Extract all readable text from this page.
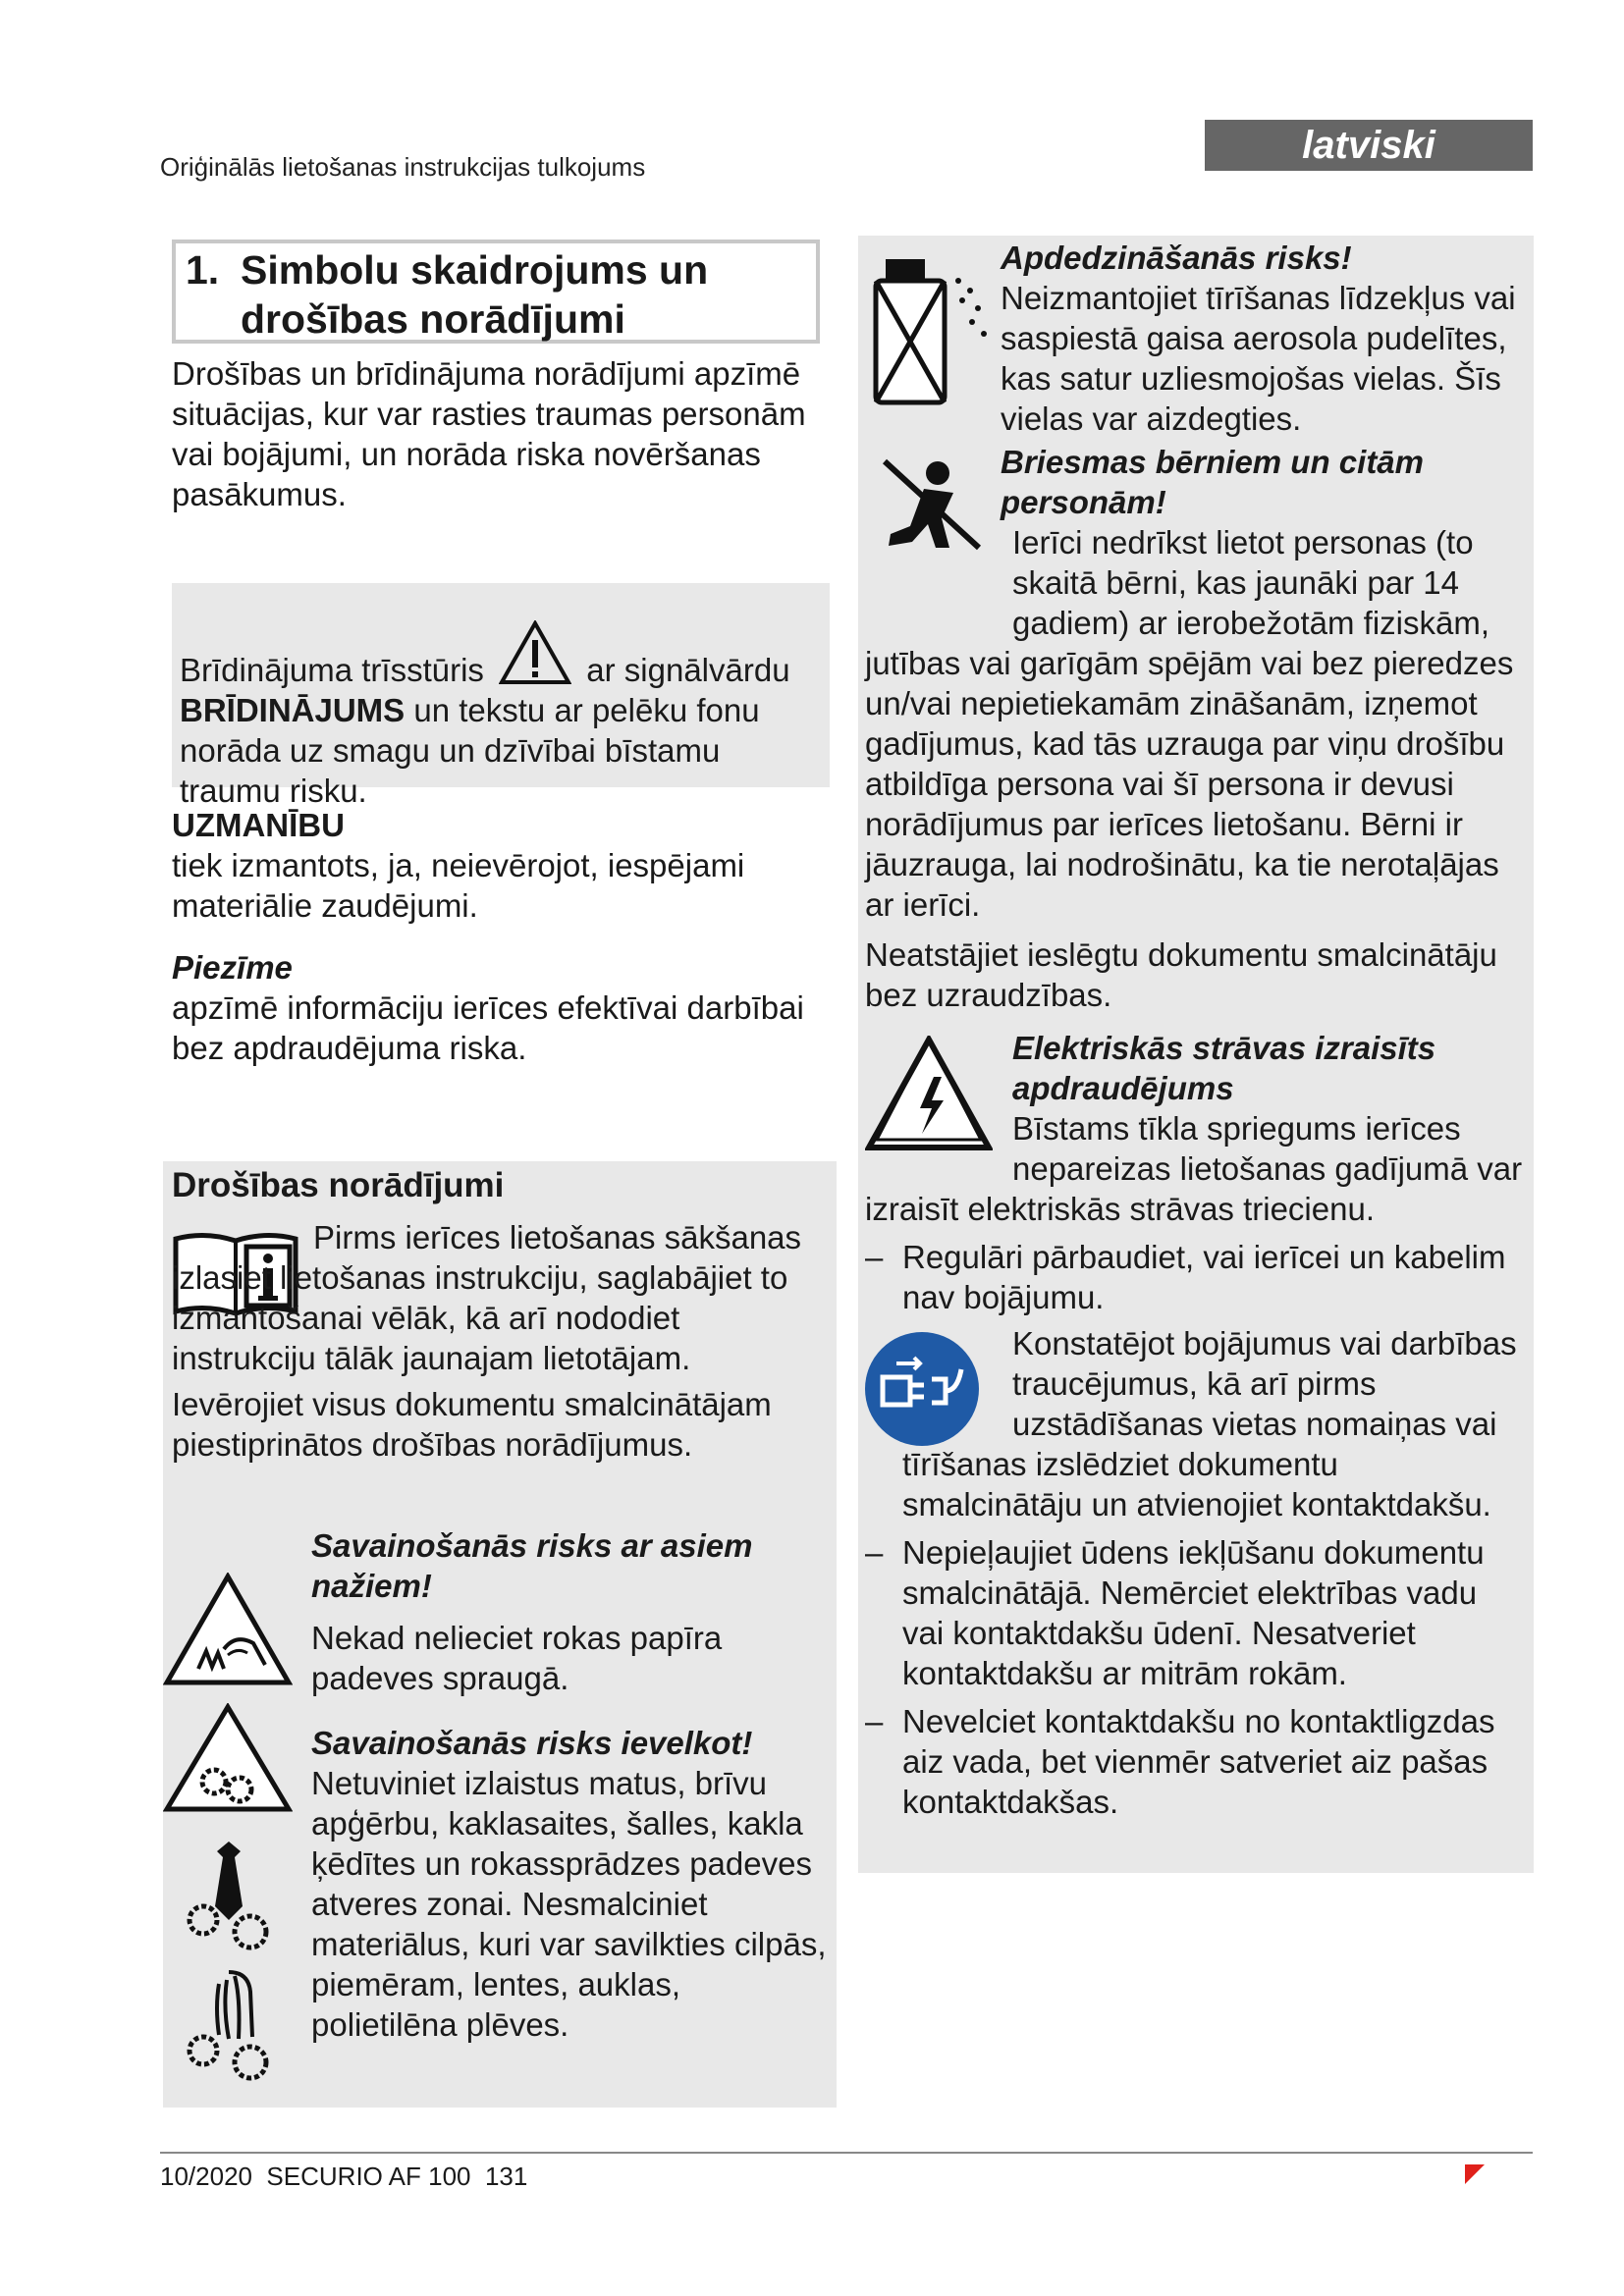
Oriģinālās lietošanas instrukcijas tulkojums	latviski
1. Simbolu skaidrojums un
drošības norādījumi

Drošības un brīdinājuma norādījumi apzīmē situācijas, kur var rasties traumas personām vai bojājumi, un norāda riska novēršanas pasākumus.

Brīdinājuma trīsstūris	ar signālvārdu BRĪDINĀJUMS un tekstu ar pelēku fonu norāda uz smagu un dzīvībai bīstamu traumu risku.

UZMANĪBU

tiek izmantots, ja, neievērojot, iespējami materiālie zaudējumi.

Piezīme

apzīmē informāciju ierīces efektīvai darbībai bez apdraudējuma riska.

Drošības norādījumi

Pirms ierīces lietošanas sākšanas izlasiet lietošanas instrukciju, saglabājiet to izmantošanai vēlāk, kā arī nododiet instrukciju tālāk jaunajam lietotājam.

Ievērojiet visus dokumentu smalcinātājam piestiprinātos drošības norādījumus.

Savainošanās risks ar asiem nažiem!

Nekad nelieciet rokas papīra padeves spraugā.

Savainošanās risks ievelkot!

Netuviniet izlaistus matus, brīvu apģērbu, kaklasaites, šalles, kakla ķēdītes un rokassprādzes padeves atveres zonai. Nesmalciniet materiālus, kuri var savilkties cilpās, piemēram, lentes, auklas, polietilēna plēves.

Apdedzināšanās risks!

Neizmantojiet tīrīšanas līdzekļus vai saspiestā gaisa aerosola pudelītes, kas satur uzliesmojošas vielas. Šīs vielas var aizdegties.

Briesmas bērniem un citām personām!

Ierīci nedrīkst lietot personas (to skaitā bērni, kas jaunāki par 14 gadiem) ar ierobežotām fiziskām, jutības vai garīgām spējām vai bez pieredzes un/vai nepietiekamām zināšanām, izņemot gadījumus, kad tās uzrauga par viņu drošību atbildīga persona vai šī persona ir devusi norādījumus par ierīces lietošanu. Bērni ir jāuzrauga, lai nodrošinātu, ka tie nerotaļājas ar ierīci.

Neatstājiet ieslēgtu dokumentu smalcinātāju bez uzraudzības.

Elektriskās strāvas izraisīts apdraudējums

Bīstams tīkla spriegums ierīces nepareizas lietošanas gadījumā var izraisīt elektriskās strāvas triecienu.

– Regulāri pārbaudiet, vai ierīcei un kabelim nav bojājumu.

Konstatējot bojājumus vai darbības traucējumus, kā arī pirms uzstādīšanas vietas nomaiņas vai tīrīšanas izslēdziet dokumentu smalcinātāju un atvienojiet kontaktdakšu.

– Nepieļaujiet ūdens iekļūšanu dokumentu smalcinātājā. Nemērciet elektrības vadu vai kontaktdakšu ūdenī. Nesatveriet kontaktdakšu ar mitrām rokām.
– Nevelciet kontaktdakšu no kontaktligzdas aiz vada, bet vienmēr satveriet aiz pašas kontaktdakšas.
10/2020  SECURIO AF 100  131
